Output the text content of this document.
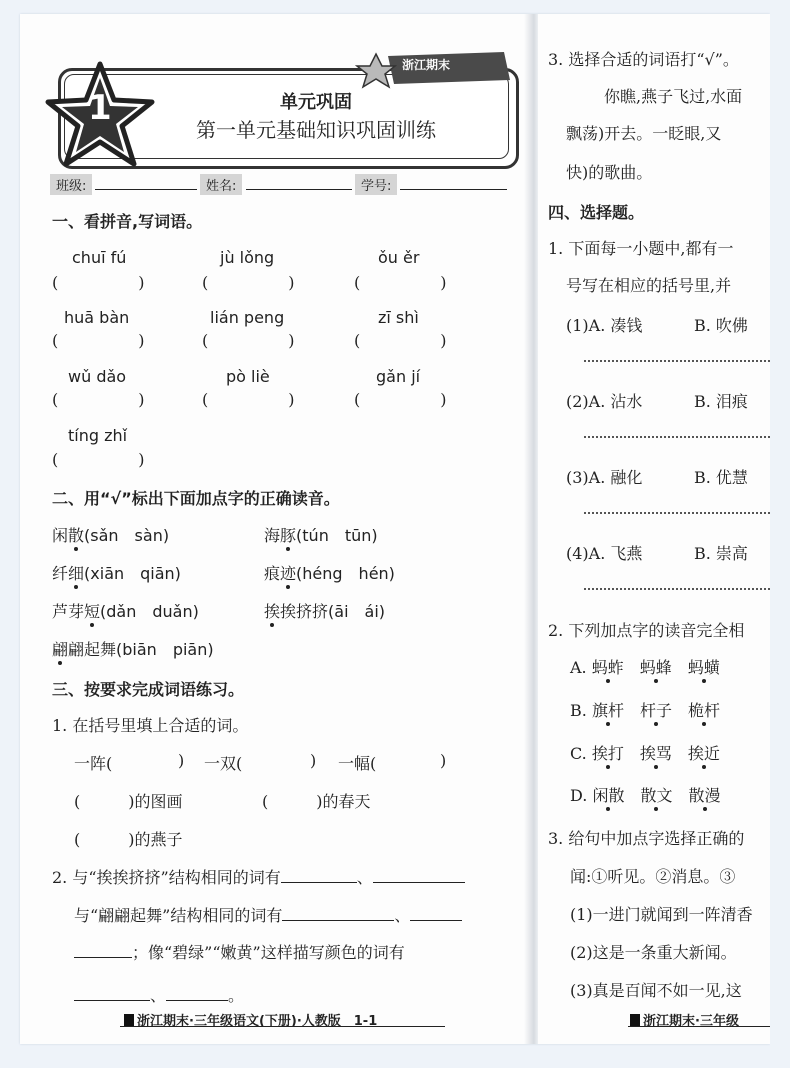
1
浙江期末
单元巩固
第一单元基础知识巩固训练
班级:	姓名:	学号:
一、看拼音,写词语。
chuī fú	jù lǒng	ǒu ěr
(　　　　　)	(　　　　　)	(　　　　　)
huā bàn	lián peng	zī shì
(　　　　　)	(　　　　　)	(　　　　　)
wǔ dǎo	pò liè	gǎn jí
(　　　　　)	(　　　　　)	(　　　　　)
tíng zhǐ
(　　　　　)
二、用“√”标出下面加点字的正确读音。
闲散(sǎn　sàn)	海豚(tún　tūn)
纤细(xiān　qiān)	痕迹(héng　hén)
芦芽短(dǎn　duǎn)	挨挨挤挤(āi　ái)
翩翩起舞(biān　piān)
三、按要求完成词语练习。
1. 在括号里填上合适的词。
一阵(	) 一双(	) 一幅(	)
(　　　)的图画	(　　　)的春天
(　　　)的燕子
2. 与“挨挨挤挤”结构相同的词有	、
与“翩翩起舞”结构相同的词有	、
；像“碧绿”“嫩黄”这样描写颜色的词有
、	。
浙江期末·三年级语文(下册)·人教版　1-1
3. 选择合适的词语打“√”。
你瞧,燕子飞过,水面
飘荡)开去。一眨眼,又
快)的歌曲。
四、选择题。
1. 下面每一小题中,都有一
号写在相应的括号里,并
(1)A. 凑钱	B. 吹佛
(2)A. 沾水	B. 泪痕
(3)A. 融化	B. 优慧
(4)A. 飞燕	B. 崇高
2. 下列加点字的读音完全相
A. 蚂蚱　 蚂蜂　 蚂蟥
B. 旗杆　 杆子　 桅杆
C. 挨打　 挨骂　 挨近
D. 闲散　 散文　 散漫
3. 给句中加点字选择正确的
闻:①听见。②消息。③
(1)一进门就闻到一阵清香
(2)这是一条重大新闻。
(3)真是百闻不如一见,这
浙江期末·三年级
